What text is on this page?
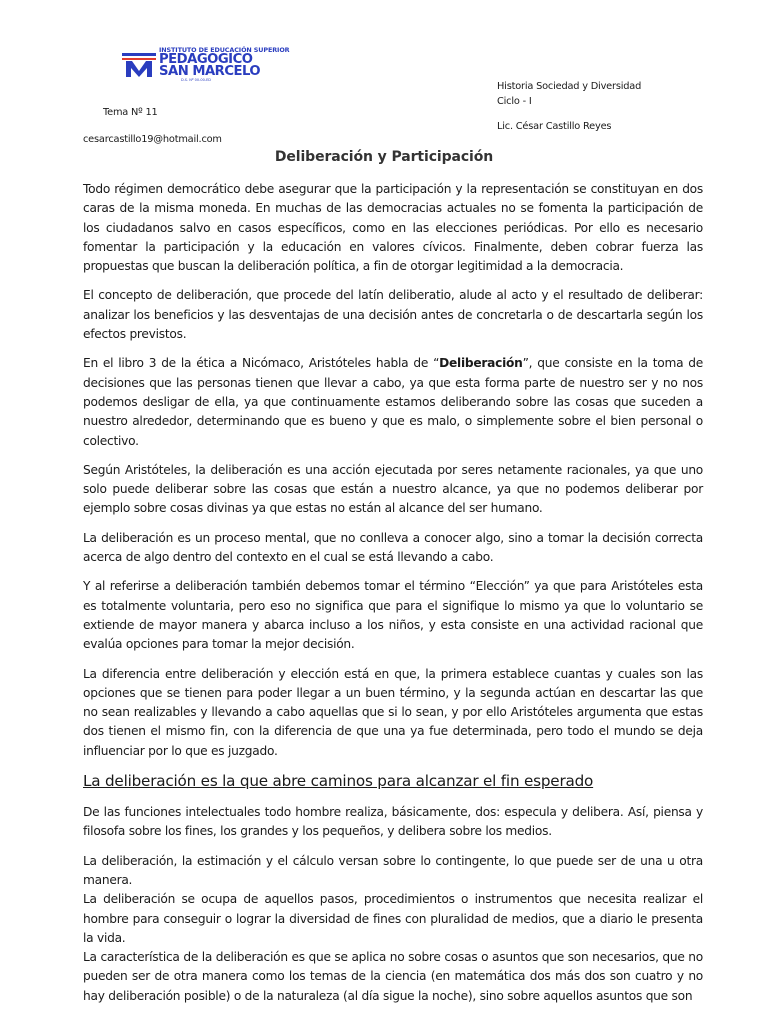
INSTITUTO DE EDUCACIÓN SUPERIOR
PEDAGOGICO
SAN MARCELO
D.S. Nº 00-00-ED
Historia Sociedad y Diversidad
Ciclo - I
Tema Nº 11
Lic. César Castillo Reyes
cesarcastillo19@hotmail.com
Deliberación y Participación

Todo régimen democrático debe asegurar que la participación y la representación se constituyan en dos caras de la misma moneda. En muchas de las democracias actuales no se fomenta la participación de los ciudadanos salvo en casos específicos, como en las elecciones periódicas. Por ello es necesario fomentar la participación y la educación en valores cívicos. Finalmente, deben cobrar fuerza las propuestas que buscan la deliberación política, a fin de otorgar legitimidad a la democracia.

El concepto de deliberación, que procede del latín deliberatio, alude al acto y el resultado de deliberar: analizar los beneficios y las desventajas de una decisión antes de concretarla o de descartarla según los efectos previstos.

En el libro 3 de la ética a Nicómaco, Aristóteles habla de “Deliberación”, que consiste en la toma de decisiones que las personas tienen que llevar a cabo, ya que esta forma parte de nuestro ser y no nos podemos desligar de ella, ya que continuamente estamos deliberando sobre las cosas que suceden a nuestro alrededor, determinando que es bueno y que es malo, o simplemente sobre el bien personal o colectivo.

Según Aristóteles, la deliberación es una acción ejecutada por seres netamente racionales, ya que uno solo puede deliberar sobre las cosas que están a nuestro alcance, ya que no podemos deliberar por ejemplo sobre cosas divinas ya que estas no están al alcance del ser humano.

La deliberación es un proceso mental, que no conlleva a conocer algo, sino a tomar la decisión correcta acerca de algo dentro del contexto en el cual se está llevando a cabo.

Y al referirse a deliberación también debemos tomar el término “Elección” ya que para Aristóteles esta es totalmente voluntaria, pero eso no significa que para el signifique lo mismo ya que lo voluntario se extiende de mayor manera y abarca incluso a los niños, y esta consiste en una actividad racional que evalúa opciones para tomar la mejor decisión.

La diferencia entre deliberación y elección está en que, la primera establece cuantas y cuales son las opciones que se tienen para poder llegar a un buen término, y la segunda actúan en descartar las que no sean realizables y llevando a cabo aquellas que si lo sean, y por ello Aristóteles argumenta que estas dos tienen el mismo fin, con la diferencia de que una ya fue determinada, pero todo el mundo se deja influenciar por lo que es juzgado.

La deliberación es la que abre caminos para alcanzar el fin esperado

De las funciones intelectuales todo hombre realiza, básicamente, dos: especula y delibera. Así, piensa y filosofa sobre los fines, los grandes y los pequeños, y delibera sobre los medios.

La deliberación, la estimación y el cálculo versan sobre lo contingente, lo que puede ser de una u otra manera.

La deliberación se ocupa de aquellos pasos, procedimientos o instrumentos que necesita realizar el hombre para conseguir o lograr la diversidad de fines con pluralidad de medios, que a diario le presenta la vida.

La característica de la deliberación es que se aplica no sobre cosas o asuntos que son necesarios, que no pueden ser de otra manera como los temas de la ciencia (en matemática dos más dos son cuatro y no hay deliberación posible) o de la naturaleza (al día sigue la noche), sino sobre aquellos asuntos que son
